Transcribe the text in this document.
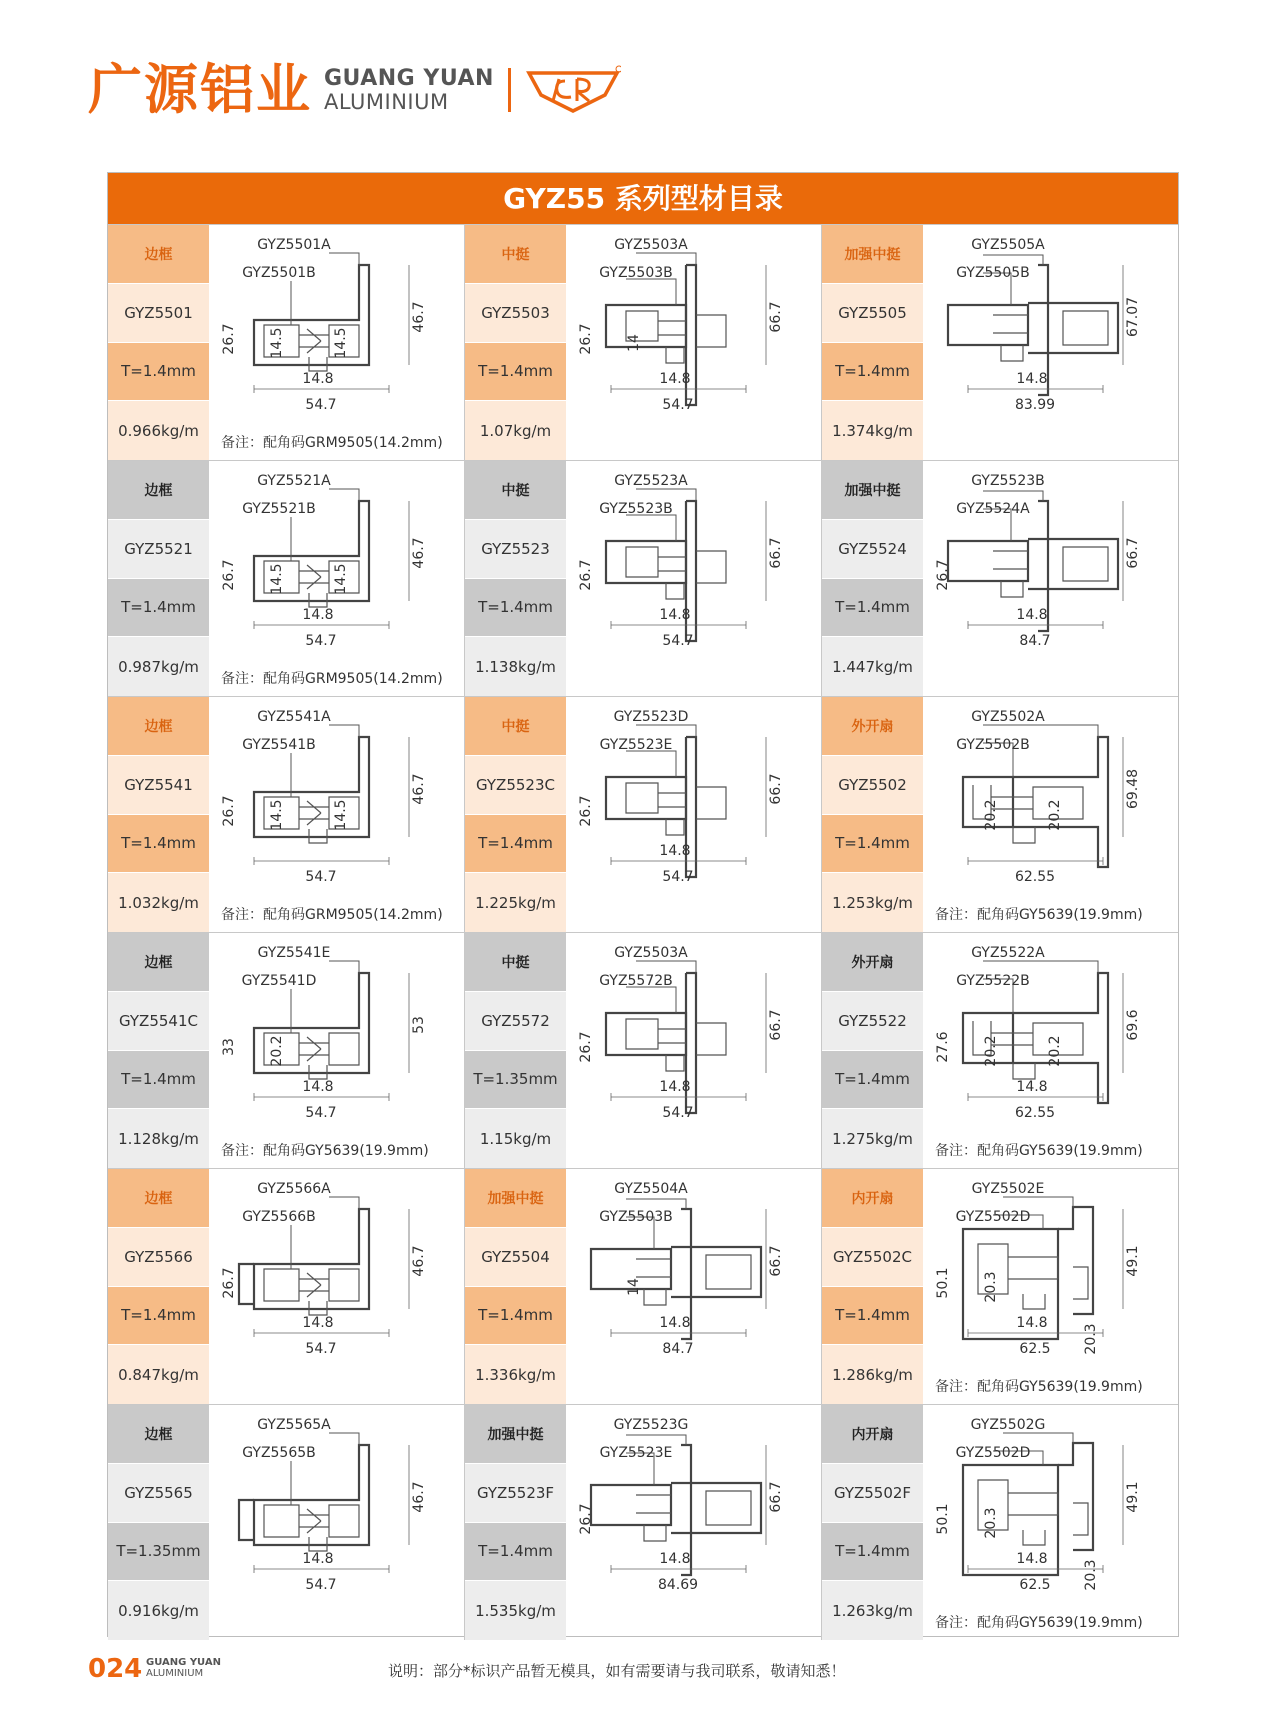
广源铝业 GUANG YUAN
ALUMINIUM
GYZ55 系列型材目录
边框
GYZ5501
T=1.4mm
0.966kg/m
GYZ5501A
GYZ5501B
54.7
14.8
26.7 14.5	14.5
46.7
备注：配角码GRM9505(14.2mm)
中挺
GYZ5503
T=1.4mm
1.07kg/m
GYZ5503A
GYZ5503B
54.7
14.8
26.7 14
66.7
加强中挺
GYZ5505
T=1.4mm
1.374kg/m
GYZ5505A
GYZ5505B
83.99
14.8
67.07
边框
GYZ5521
T=1.4mm
0.987kg/m
GYZ5521A
GYZ5521B
54.7
14.8
26.7 14.5	14.5
46.7
备注：配角码GRM9505(14.2mm)
中挺
GYZ5523
T=1.4mm
1.138kg/m
GYZ5523A
GYZ5523B
54.7
14.8
26.7
66.7
加强中挺
GYZ5524
T=1.4mm
1.447kg/m
GYZ5523B
GYZ5524A
84.7
14.8
26.7
66.7
边框
GYZ5541
T=1.4mm
1.032kg/m
GYZ5541A
GYZ5541B
54.7
26.7 14.5	14.5
46.7
备注：配角码GRM9505(14.2mm)
中挺
GYZ5523C
T=1.4mm
1.225kg/m
GYZ5523D
GYZ5523E
54.7
14.8
26.7
66.7
外开扇
GYZ5502
T=1.4mm
1.253kg/m
GYZ5502A
GYZ5502B
62.55
20.2	20.2
69.48
备注：配角码GY5639(19.9mm)
边框
GYZ5541C
T=1.4mm
1.128kg/m
GYZ5541E
GYZ5541D
54.7
14.8
33 20.2
53
备注：配角码GY5639(19.9mm)
中挺
GYZ5572
T=1.35mm
1.15kg/m
GYZ5503A
GYZ5572B
54.7
14.8
26.7
66.7
外开扇
GYZ5522
T=1.4mm
1.275kg/m
GYZ5522A
GYZ5522B
62.55
14.8
27.6 20.2	20.2
69.6
备注：配角码GY5639(19.9mm)
边框
GYZ5566
T=1.4mm
0.847kg/m
GYZ5566A
GYZ5566B
54.7
14.8
26.7
46.7
加强中挺
GYZ5504
T=1.4mm
1.336kg/m
GYZ5504A
GYZ5503B
84.7
14.8
14
66.7
内开扇
GYZ5502C
T=1.4mm
1.286kg/m
GYZ5502E
GYZ5502D
62.5
14.8
50.1 20.3
49.1
20.3
备注：配角码GY5639(19.9mm)
边框
GYZ5565
T=1.35mm
0.916kg/m
GYZ5565A
GYZ5565B
54.7
14.8
46.7
加强中挺
GYZ5523F
T=1.4mm
1.535kg/m
GYZ5523G
GYZ5523E
84.69
14.8
26.7
66.7
内开扇
GYZ5502F
T=1.4mm
1.263kg/m
GYZ5502G
GYZ5502D
62.5
14.8
50.1 20.3
49.1
20.3
备注：配角码GY5639(19.9mm)
024 GUANG YUAN
ALUMINIUM	说明：部分*标识产品暂无模具，如有需要请与我司联系，敬请知悉！
